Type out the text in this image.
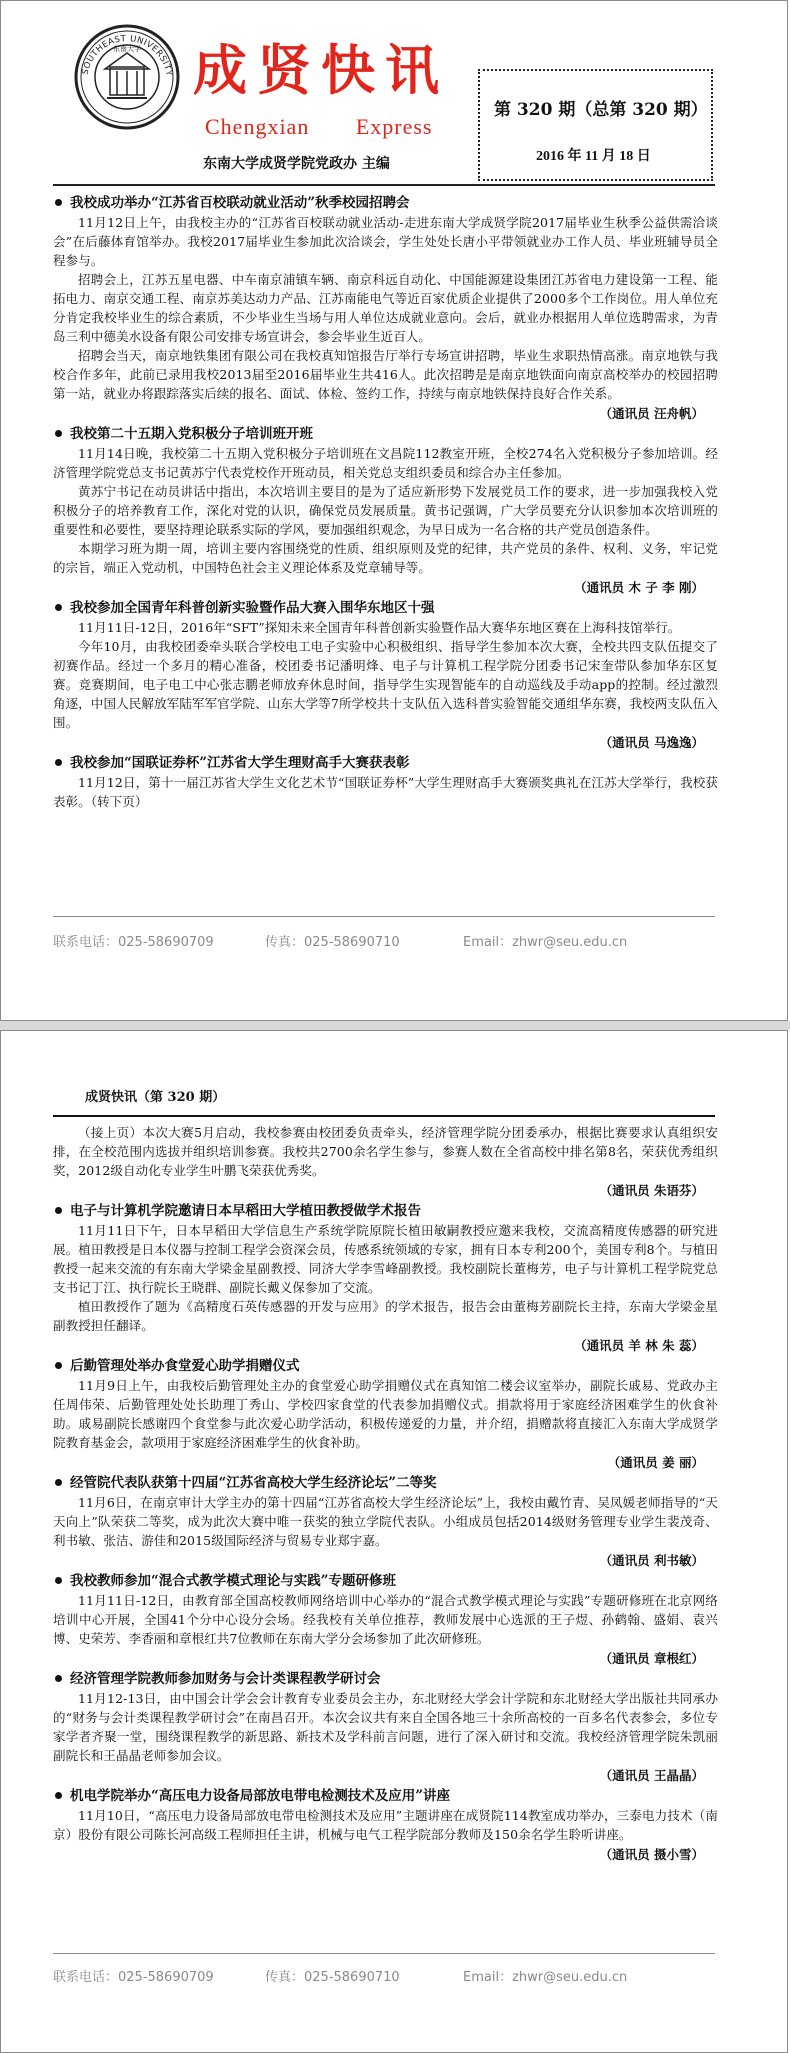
SOUTHEAST UNIVERSITY
东南大学 成贤快讯
Chengxian Express
东南大学成贤学院党政办 主编
第 320 期（总第 320 期）
2016 年 11 月 18 日

我校成功举办“江苏省百校联动就业活动”秋季校园招聘会

11月12日上午，由我校主办的“江苏省百校联动就业活动-走进东南大学成贤学院2017届毕业生秋季公益供需洽谈会”在后藤体育馆举办。我校2017届毕业生参加此次洽谈会，学生处处长唐小平带领就业办工作人员、毕业班辅导员全程参与。

招聘会上，江苏五星电器、中车南京浦镇车辆、南京科远自动化、中国能源建设集团江苏省电力建设第一工程、能拓电力、南京交通工程、南京苏美达动力产品、江苏南能电气等近百家优质企业提供了2000多个工作岗位。用人单位充分肯定我校毕业生的综合素质，不少毕业生当场与用人单位达成就业意向。会后，就业办根据用人单位选聘需求，为青岛三利中德美水设备有限公司安排专场宣讲会，参会毕业生近百人。

招聘会当天，南京地铁集团有限公司在我校真知馆报告厅举行专场宣讲招聘，毕业生求职热情高涨。南京地铁与我校合作多年，此前已录用我校2013届至2016届毕业生共416人。此次招聘是是南京地铁面向南京高校举办的校园招聘第一站，就业办将跟踪落实后续的报名、面试、体检、签约工作，持续与南京地铁保持良好合作关系。

（通讯员 汪舟帆）

我校第二十五期入党积极分子培训班开班

11月14日晚，我校第二十五期入党积极分子培训班在文昌院112教室开班，全校274名入党积极分子参加培训。经济管理学院党总支书记黄苏宁代表党校作开班动员，相关党总支组织委员和综合办主任参加。

黄苏宁书记在动员讲话中指出，本次培训主要目的是为了适应新形势下发展党员工作的要求，进一步加强我校入党积极分子的培养教育工作，深化对党的认识，确保党员发展质量。黄书记强调，广大学员要充分认识参加本次培训班的重要性和必要性，要坚持理论联系实际的学风，要加强组织观念，为早日成为一名合格的共产党员创造条件。

本期学习班为期一周，培训主要内容围绕党的性质、组织原则及党的纪律，共产党员的条件、权利、义务，牢记党的宗旨，端正入党动机，中国特色社会主义理论体系及党章辅导等。

（通讯员 木 子 李 刚）

我校参加全国青年科普创新实验暨作品大赛入围华东地区十强

11月11日-12日，2016年“SFT”探知未来全国青年科普创新实验暨作品大赛华东地区赛在上海科技馆举行。

今年10月，由我校团委牵头联合学校电工电子实验中心积极组织、指导学生参加本次大赛，全校共四支队伍提交了初赛作品。经过一个多月的精心准备，校团委书记潘明烽、电子与计算机工程学院分团委书记宋奎带队参加华东区复赛。竞赛期间，电子电工中心张志鹏老师放弃休息时间，指导学生实现智能车的自动巡线及手动app的控制。经过激烈角逐，中国人民解放军陆军军官学院、山东大学等7所学校共十支队伍入选科普实验智能交通组华东赛，我校两支队伍入围。

（通讯员 马逸逸）

我校参加“国联证券杯”江苏省大学生理财高手大赛获表彰

11月12日，第十一届江苏省大学生文化艺术节“国联证券杯”大学生理财高手大赛颁奖典礼在江苏大学举行，我校获表彰。（转下页）

联系电话：025-58690709	传真：025-58690710	Email：zhwr@seu.edu.cn
成贤快讯（第 320 期）

（接上页）本次大赛5月启动，我校参赛由校团委负责牵头，经济管理学院分团委承办，根据比赛要求认真组织安排，在全校范围内选拔并组织培训参赛。我校共2700余名学生参与，参赛人数在全省高校中排名第8名，荣获优秀组织奖，2012级自动化专业学生叶鹏飞荣获优秀奖。

（通讯员 朱语芬）

电子与计算机学院邀请日本早稻田大学植田教授做学术报告

11月11日下午，日本早稻田大学信息生产系统学院原院长植田敏嗣教授应邀来我校，交流高精度传感器的研究进展。植田教授是日本仪器与控制工程学会资深会员，传感系统领域的专家，拥有日本专利200个，美国专利8个。与植田教授一起来交流的有东南大学梁金星副教授、同济大学李雪峰副教授。我校副院长董梅芳，电子与计算机工程学院党总支书记丁江、执行院长王晓群、副院长戴义保参加了交流。

植田教授作了题为《高精度石英传感器的开发与应用》的学术报告，报告会由董梅芳副院长主持，东南大学梁金星副教授担任翻译。

（通讯员 羊 林 朱 蕊）

后勤管理处举办食堂爱心助学捐赠仪式

11月9日上午，由我校后勤管理处主办的食堂爱心助学捐赠仪式在真知馆二楼会议室举办，副院长戚易、党政办主任周伟荣、后勤管理处处长助理丁秀山、学校四家食堂的代表参加捐赠仪式。捐款将用于家庭经济困难学生的伙食补助。戚易副院长感谢四个食堂参与此次爱心助学活动，积极传递爱的力量，并介绍，捐赠款将直接汇入东南大学成贤学院教育基金会，款项用于家庭经济困难学生的伙食补助。

（通讯员 姜 丽）

经管院代表队获第十四届“江苏省高校大学生经济论坛”二等奖

11月6日，在南京审计大学主办的第十四届“江苏省高校大学生经济论坛”上，我校由戴竹青、吴凤媛老师指导的“天天向上”队荣获二等奖，成为此次大赛中唯一获奖的独立学院代表队。小组成员包括2014级财务管理专业学生裴茂奇、利书敏、张洁、游佳和2015级国际经济与贸易专业郑宇嘉。

（通讯员 利书敏）

我校教师参加“混合式教学模式理论与实践”专题研修班

11月11日-12日，由教育部全国高校教师网络培训中心举办的“混合式教学模式理论与实践”专题研修班在北京网络培训中心开展，全国41个分中心设分会场。经我校有关单位推荐，教师发展中心选派的王子煜、孙鹤翰、盛娟、袁兴博、史荣芳、李香丽和章根红共7位教师在东南大学分会场参加了此次研修班。

（通讯员 章根红）

经济管理学院教师参加财务与会计类课程教学研讨会

11月12-13日，由中国会计学会会计教育专业委员会主办，东北财经大学会计学院和东北财经大学出版社共同承办的“财务与会计类课程教学研讨会”在南昌召开。本次会议共有来自全国各地三十余所高校的一百多名代表参会，多位专家学者齐聚一堂，围绕课程教学的新思路、新技术及学科前言问题，进行了深入研讨和交流。我校经济管理学院朱凯丽副院长和王晶晶老师参加会议。

（通讯员 王晶晶）

机电学院举办“高压电力设备局部放电带电检测技术及应用”讲座

11月10日，“高压电力设备局部放电带电检测技术及应用”主题讲座在成贤院114教室成功举办，三泰电力技术（南京）股份有限公司陈长河高级工程师担任主讲，机械与电气工程学院部分教师及150余名学生聆听讲座。

（通讯员 摄小雪）

联系电话：025-58690709	传真：025-58690710	Email：zhwr@seu.edu.cn
